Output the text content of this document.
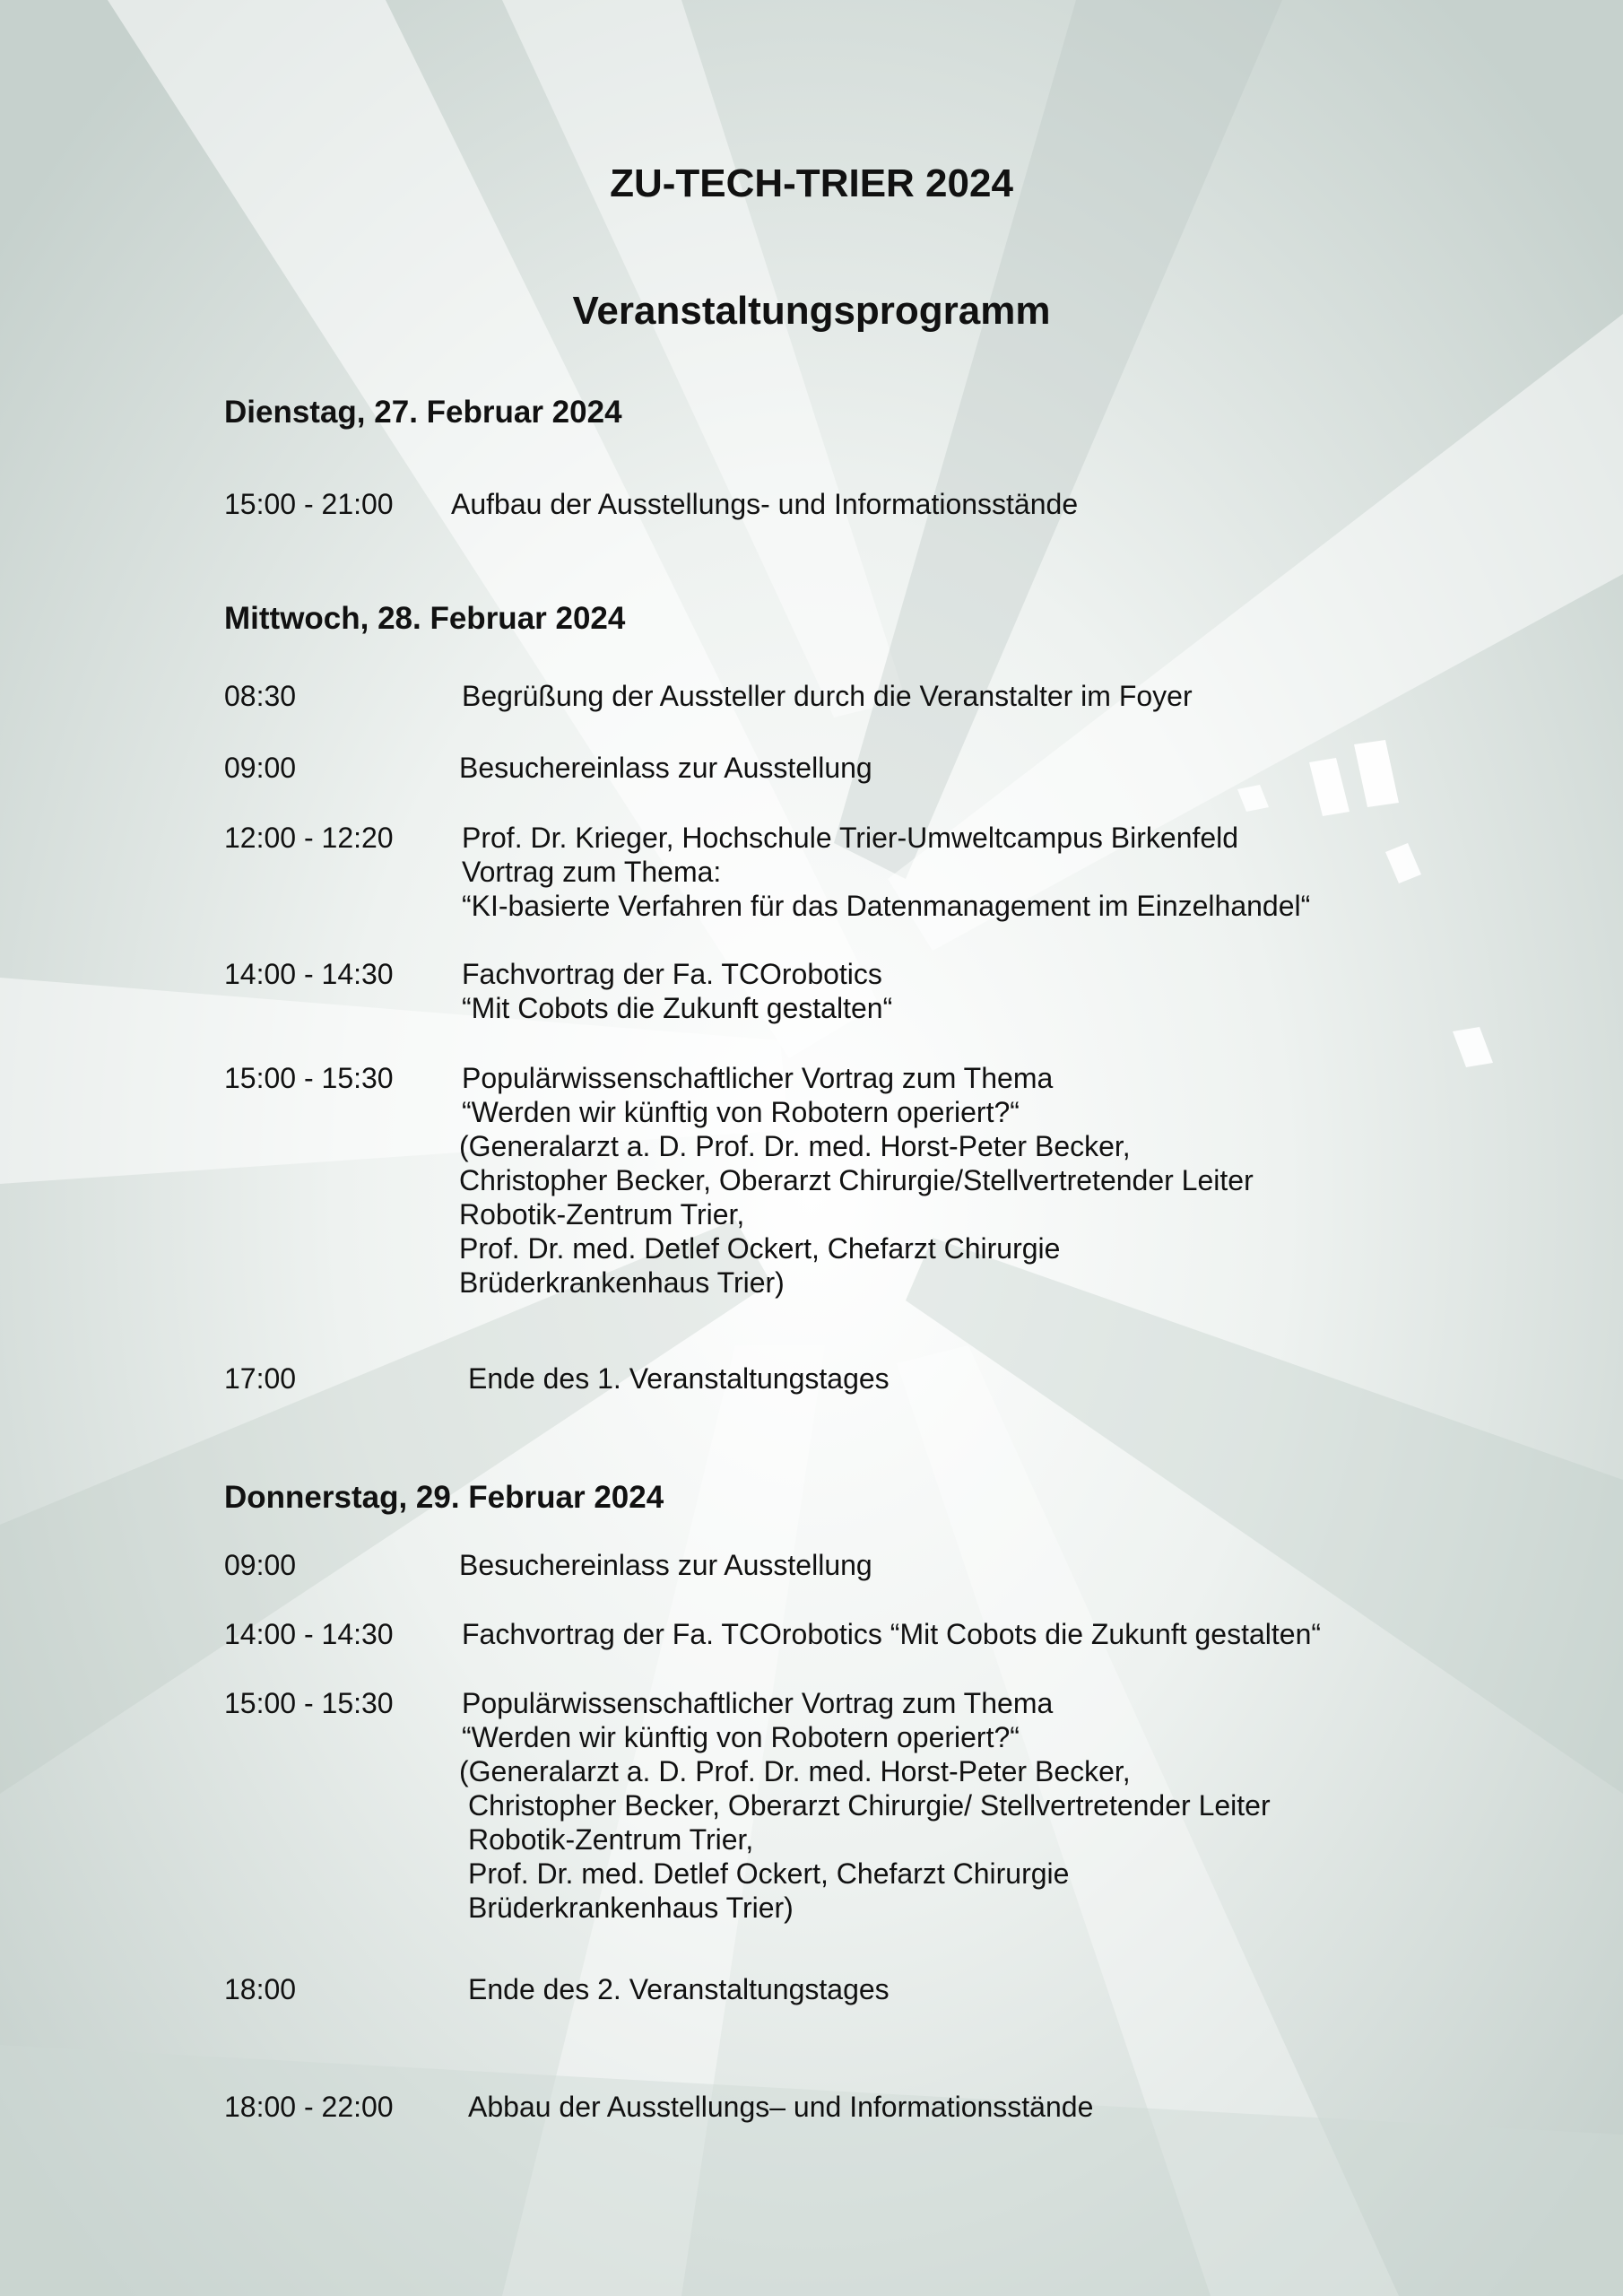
ZU-TECH-TRIER 2024
Veranstaltungsprogramm
Dienstag, 27. Februar 2024
15:00 - 21:00 Aufbau der Ausstellungs- und Informationsstände
Mittwoch, 28. Februar 2024
08:30	Begrüßung der Aussteller durch die Veranstalter im Foyer
09:00	Besuchereinlass zur Ausstellung
12:00 - 12:20 Prof. Dr. Krieger, Hochschule Trier-Umweltcampus Birkenfeld
Vortrag zum Thema:
“KI-basierte Verfahren für das Datenmanagement im Einzelhandel“
14:00 - 14:30 Fachvortrag der Fa. TCOrobotics
“Mit Cobots die Zukunft gestalten“
15:00 - 15:30 Populärwissenschaftlicher Vortrag zum Thema
“Werden wir künftig von Robotern operiert?“
(Generalarzt a. D. Prof. Dr. med. Horst-Peter Becker,
Christopher Becker, Oberarzt Chirurgie/Stellvertretender Leiter
Robotik-Zentrum Trier,
Prof. Dr. med. Detlef Ockert, Chefarzt Chirurgie
Brüderkrankenhaus Trier)
17:00	Ende des 1. Veranstaltungstages
Donnerstag, 29. Februar 2024
09:00	Besuchereinlass zur Ausstellung
14:00 - 14:30 Fachvortrag der Fa. TCOrobotics “Mit Cobots die Zukunft gestalten“
15:00 - 15:30 Populärwissenschaftlicher Vortrag zum Thema
“Werden wir künftig von Robotern operiert?“
(Generalarzt a. D. Prof. Dr. med. Horst-Peter Becker,
Christopher Becker, Oberarzt Chirurgie/ Stellvertretender Leiter
Robotik-Zentrum Trier,
Prof. Dr. med. Detlef Ockert, Chefarzt Chirurgie
Brüderkrankenhaus Trier)
18:00	Ende des 2. Veranstaltungstages
18:00 - 22:00	Abbau der Ausstellungs– und Informationsstände
